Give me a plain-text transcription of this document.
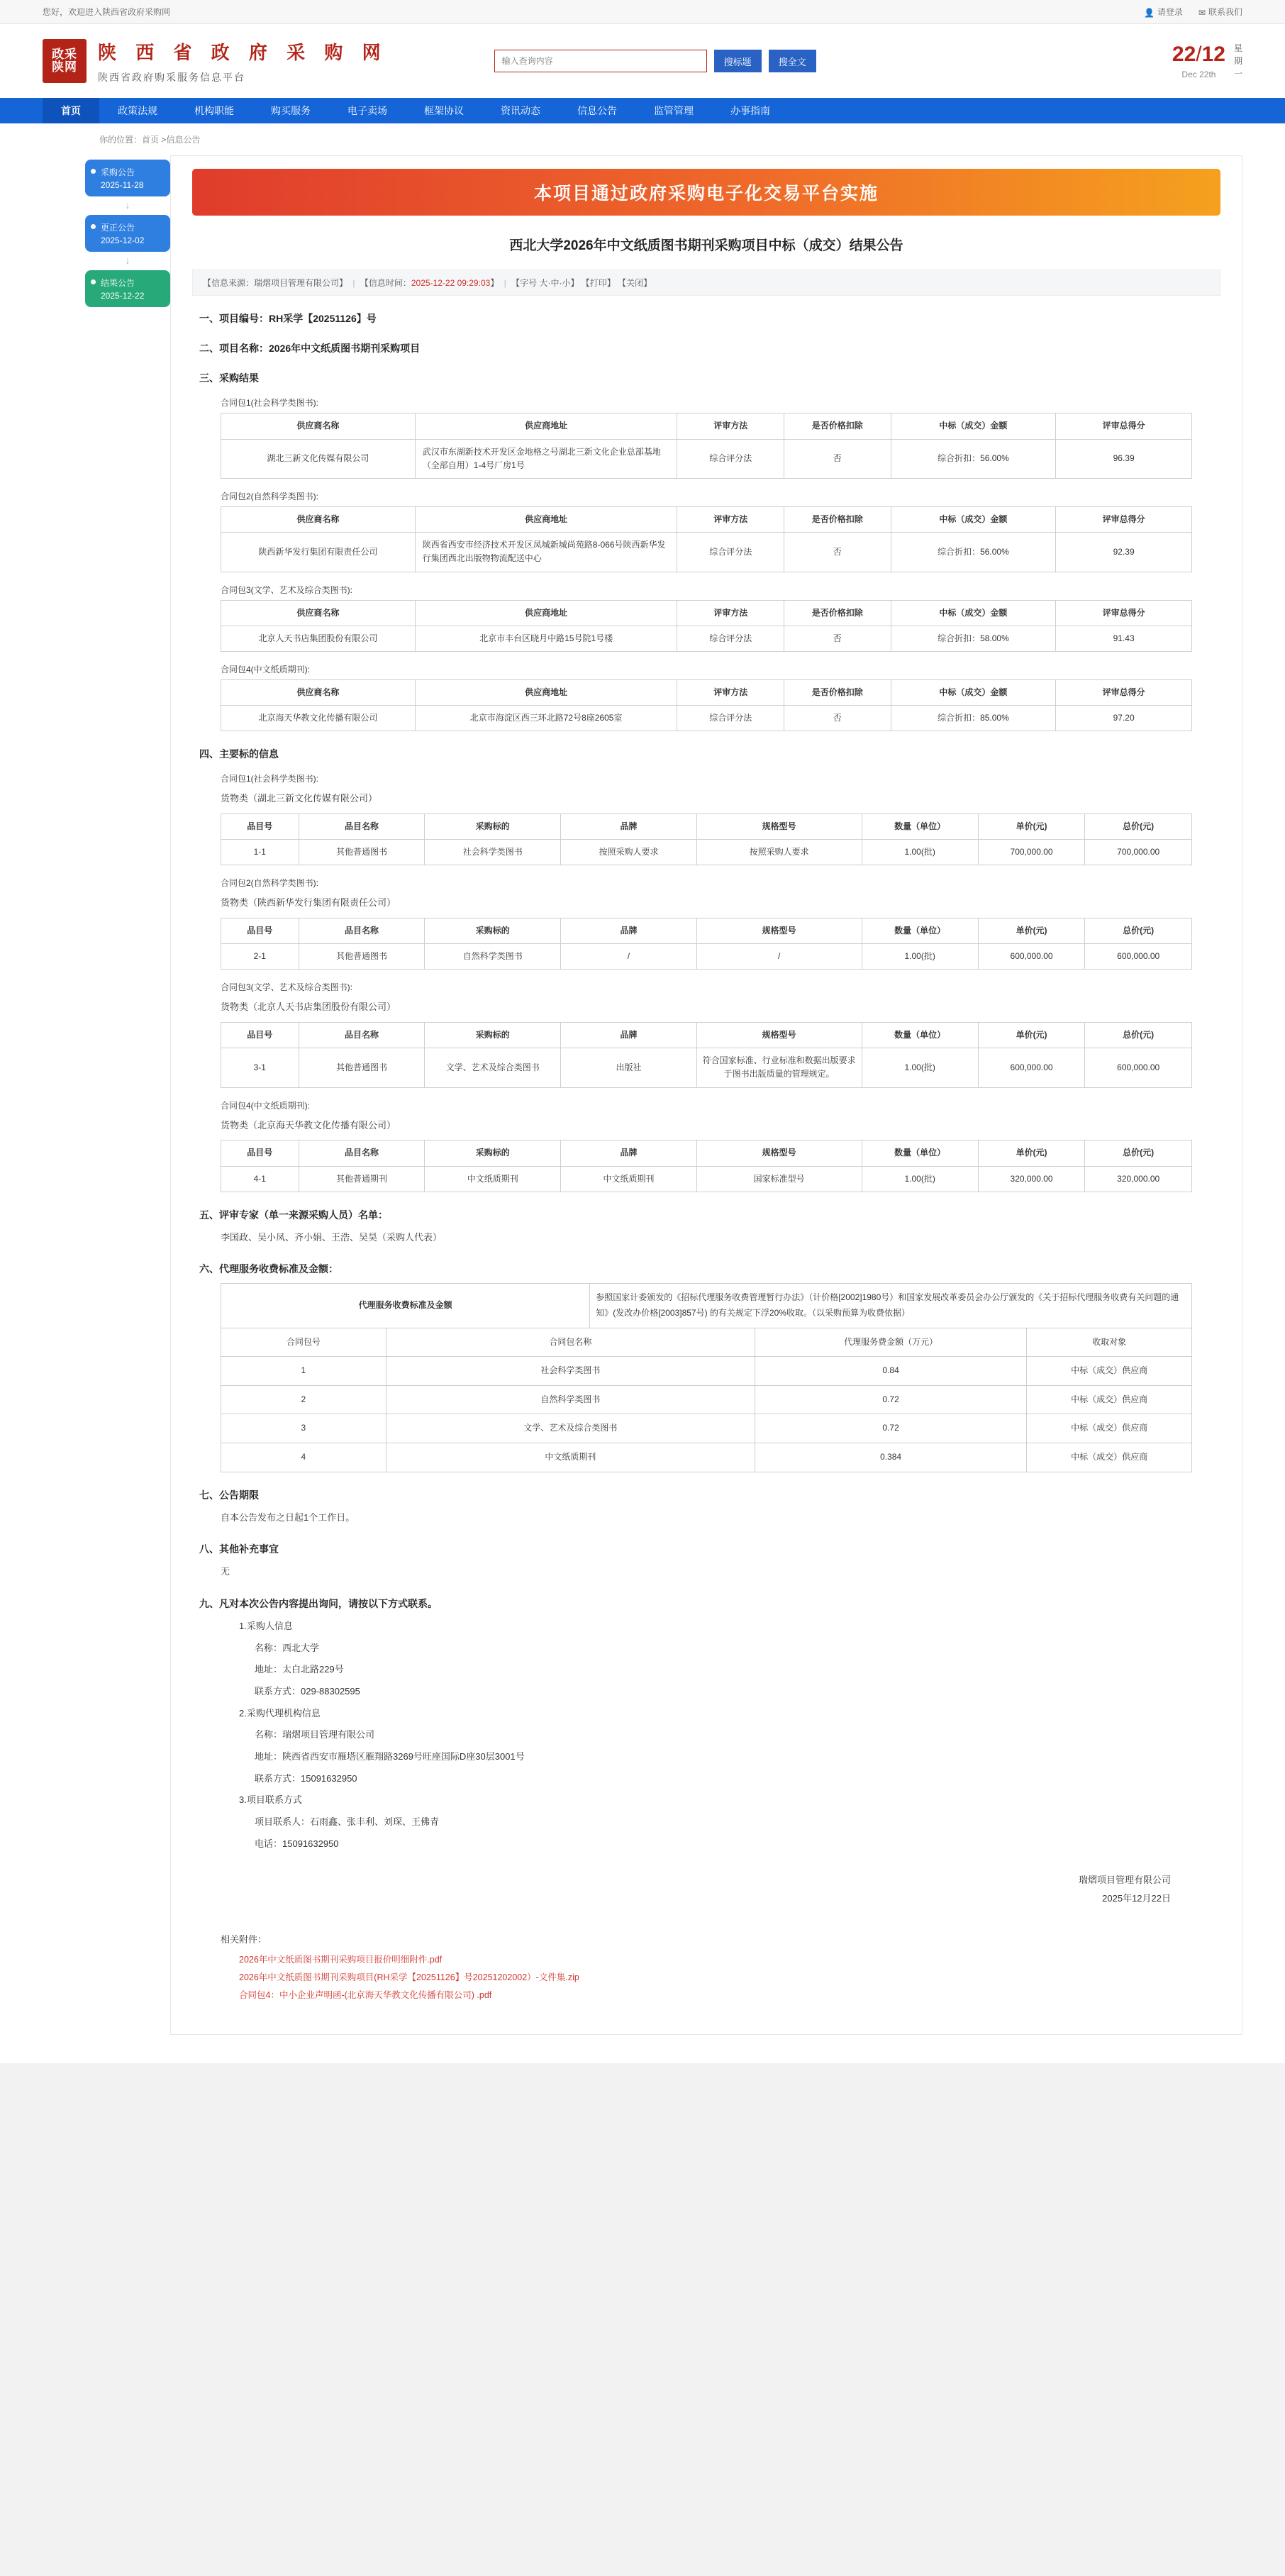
您好，欢迎进入陕西省政府采购网	👤 请登录 ✉ 联系我们
政采
陕网
陕 西 省 政 府 采 购 网
陕西省政府购采服务信息平台
输入查询内容
搜标题	搜全文	22/12
Dec 22th
星
期
一
首页	政策法规	机构职能	购买服务	电子卖场	框架协议	资讯动态	信息公告	监管管理	办事指南
你的位置：首页 >信息公告
采购公告
2025-11-28
↓
更正公告
2025-12-02
↓
结果公告
2025-12-22
本项目通过政府采购电子化交易平台实施
西北大学2026年中文纸质图书期刊采购项目中标（成交）结果公告
【信息来源：瑞熠项目管理有限公司】 | 【信息时间：2025-12-22 09:29:03】 | 【字号 大·中·小】 【打印】 【关闭】
一、项目编号：RH采学【20251126】号
二、项目名称：2026年中文纸质图书期刊采购项目
三、采购结果
合同包1(社会科学类图书):
供应商名称	供应商地址	评审方法	是否价格扣除	中标（成交）金额	评审总得分
湖北三新文化传媒有限公司	武汉市东湖新技术开发区金地格之号湖北三新文化企业总部基地（全部自用）1-4号厂房1号	综合评分法	否	综合折扣：56.00%	96.39
合同包2(自然科学类图书):
供应商名称	供应商地址	评审方法	是否价格扣除	中标（成交）金额	评审总得分
陕西新华发行集团有限责任公司	陕西省西安市经济技术开发区凤城新城尚苑路8-066号陕西新华发行集团西北出版物物流配送中心	综合评分法	否	综合折扣：56.00%	92.39
合同包3(文学、艺术及综合类图书):
供应商名称	供应商地址	评审方法	是否价格扣除	中标（成交）金额	评审总得分
北京人天书店集团股份有限公司	北京市丰台区晓月中路15号院1号楼	综合评分法	否	综合折扣：58.00%	91.43
合同包4(中文纸质期刊):
供应商名称	供应商地址	评审方法	是否价格扣除	中标（成交）金额	评审总得分
北京海天华教文化传播有限公司	北京市海淀区西三环北路72号8座2605室	综合评分法	否	综合折扣：85.00%	97.20
四、主要标的信息
合同包1(社会科学类图书):
货物类（湖北三新文化传媒有限公司）
品目号	品目名称	采购标的	品牌	规格型号	数量（单位）	单价(元)	总价(元)
1-1	其他普通图书	社会科学类图书	按照采购人要求	按照采购人要求	1.00(批)	700,000.00	700,000.00
合同包2(自然科学类图书):
货物类（陕西新华发行集团有限责任公司）
品目号	品目名称	采购标的	品牌	规格型号	数量（单位）	单价(元)	总价(元)
2-1	其他普通图书	自然科学类图书	/	/	1.00(批)	600,000.00	600,000.00
合同包3(文学、艺术及综合类图书):
货物类（北京人天书店集团股份有限公司）
品目号	品目名称	采购标的	品牌	规格型号	数量（单位）	单价(元)	总价(元)
3-1	其他普通图书	文学、艺术及综合类图书	出版社	符合国家标准、行业标准和数据出版要求于图书出版质量的管理规定。	1.00(批)	600,000.00	600,000.00
合同包4(中文纸质期刊):
货物类（北京海天华教文化传播有限公司）
品目号	品目名称	采购标的	品牌	规格型号	数量（单位）	单价(元)	总价(元)
4-1	其他普通期刊	中文纸质期刊	中文纸质期刊	国家标准型号	1.00(批)	320,000.00	320,000.00
五、评审专家（单一来源采购人员）名单：
李国政、吴小凤、齐小娟、王浩、吴昊（采购人代表）
六、代理服务收费标准及金额：
代理服务收费标准及金额	参照国家计委颁发的《招标代理服务收费管理暂行办法》（计价格[2002]1980号）和国家发展改革委员会办公厅颁发的《关于招标代理服务收费有关问题的通知》(发改办价格[2003]857号) 的有关规定下浮20%收取。（以采购预算为收费依据）
合同包号	合同包名称	代理服务费金额（万元）	收取对象
1	社会科学类图书	0.84	中标（成交）供应商
2	自然科学类图书	0.72	中标（成交）供应商
3	文学、艺术及综合类图书	0.72	中标（成交）供应商
4	中文纸质期刊	0.384	中标（成交）供应商
七、公告期限
自本公告发布之日起1个工作日。
八、其他补充事宜
无
九、凡对本次公告内容提出询问，请按以下方式联系。
1.采购人信息
名称：西北大学
地址：太白北路229号
联系方式：029-88302595
2.采购代理机构信息
名称：瑞熠项目管理有限公司
地址：陕西省西安市雁塔区雁翔路3269号旺座国际D座30层3001号
联系方式：15091632950
3.项目联系方式
项目联系人：石雨鑫、张丰利、刘琛、王佛青
电话：15091632950
瑞熠项目管理有限公司
2025年12月22日
相关附件：
2026年中文纸质图书期刊采购项目报价明细附件.pdf
2026年中文纸质图书期刊采购项目(RH采学【20251126】号20251202002）-文件集.zip
合同包4：中小企业声明函-(北京海天华教文化传播有限公司) .pdf
